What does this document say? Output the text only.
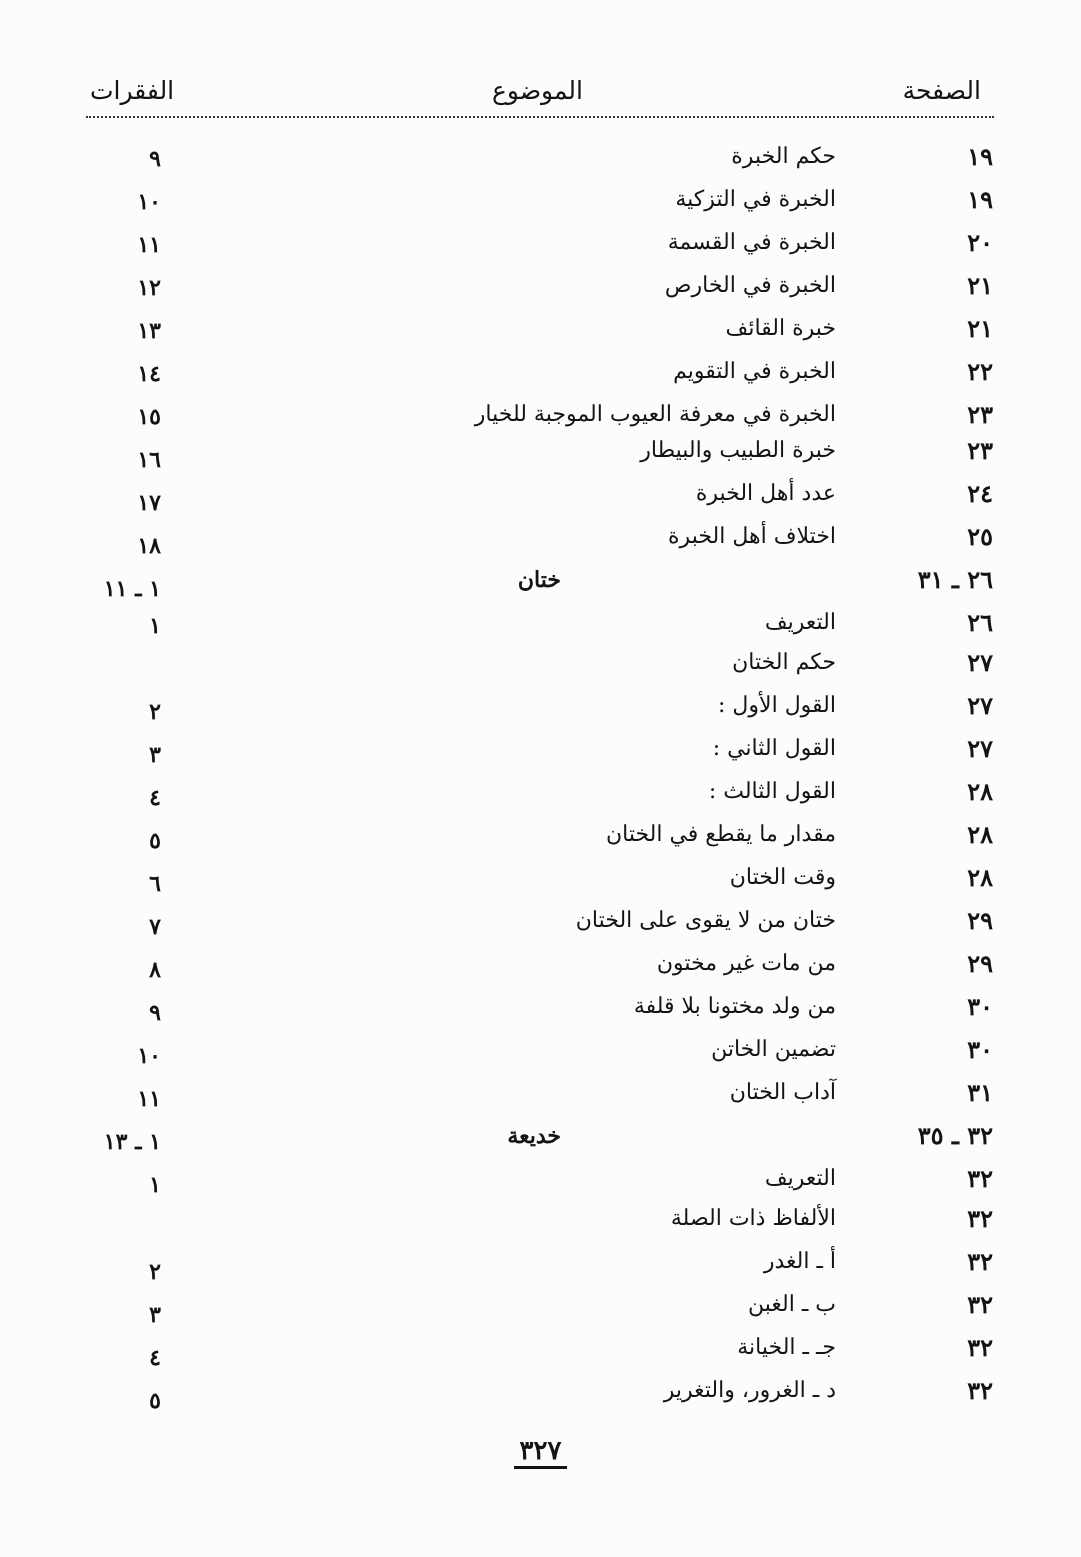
الصفحة
الموضوع
الفقرات
١٩
حكم الخبرة
٩
١٩
الخبرة في التزكية
١٠
٢٠
الخبرة في القسمة
١١
٢١
الخبرة في الخارص
١٢
٢١
خبرة القائف
١٣
٢٢
الخبرة في التقويم
١٤
٢٣
الخبرة في معرفة العيوب الموجبة للخيار
١٥
٢٣
خبرة الطبيب والبيطار
١٦
٢٤
عدد أهل الخبرة
١٧
٢٥
اختلاف أهل الخبرة
١٨
٢٦ ـ ٣١
ختان
١ ـ ١١
٢٦
التعريف
١
٢٧
حكم الختان
٢٧
القول الأول :
٢
٢٧
القول الثاني :
٣
٢٨
القول الثالث :
٤
٢٨
مقدار ما يقطع في الختان
٥
٢٨
وقت الختان
٦
٢٩
ختان من لا يقوى على الختان
٧
٢٩
من مات غير مختون
٨
٣٠
من ولد مختونا بلا قلفة
٩
٣٠
تضمين الخاتن
١٠
٣١
آداب الختان
١١
٣٢ ـ ٣٥
خديعة
١ ـ ١٣
٣٢
التعريف
١
٣٢
الألفاظ ذات الصلة
٣٢
أ ـ الغدر
٢
٣٢
ب ـ الغبن
٣
٣٢
جـ ـ الخيانة
٤
٣٢
د ـ الغرور، والتغرير
٥
٣٢٧
